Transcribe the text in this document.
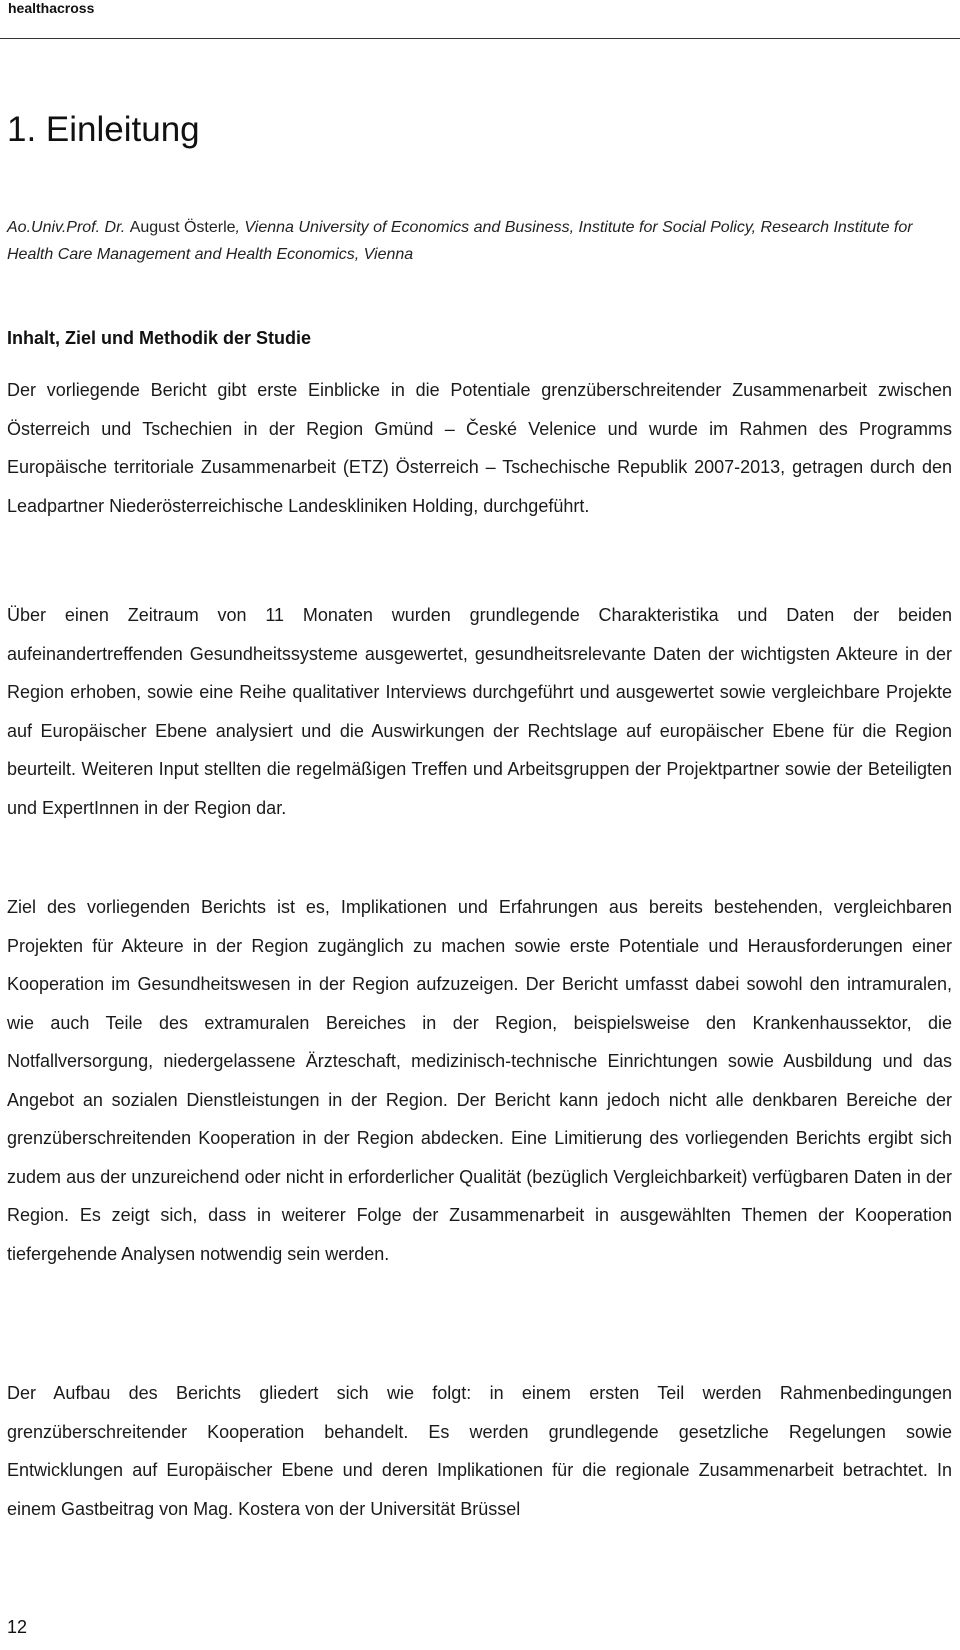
healthacross
1. Einleitung

Ao.Univ.Prof. Dr. August Österle, Vienna University of Economics and Business, Institute for Social Policy, Research Institute for Health Care Management and Health Economics, Vienna

Inhalt, Ziel und Methodik der Studie

Der vorliegende Bericht gibt erste Einblicke in die Potentiale grenzüberschreitender Zusammenarbeit zwischen Österreich und Tschechien in der Region Gmünd – České Velenice und wurde im Rahmen des Programms Europäische territoriale Zusammenarbeit (ETZ) Österreich – Tschechische Republik 2007-2013, getragen durch den Leadpartner Niederösterreichische Landeskliniken Holding, durchgeführt.

Über einen Zeitraum von 11 Monaten wurden grundlegende Charakteristika und Daten der beiden aufeinandertreffenden Gesundheitssysteme ausgewertet, gesundheitsrelevante Daten der wichtigsten Akteure in der Region erhoben, sowie eine Reihe qualitativer Interviews durchgeführt und ausgewertet sowie vergleichbare Projekte auf Europäischer Ebene analysiert und die Auswirkungen der Rechtslage auf europäischer Ebene für die Region beurteilt. Weiteren Input stellten die regelmäßigen Treffen und Arbeitsgruppen der Projektpartner sowie der Beteiligten und ExpertInnen in der Region dar.

Ziel des vorliegenden Berichts ist es, Implikationen und Erfahrungen aus bereits bestehenden, vergleichbaren Projekten für Akteure in der Region zugänglich zu machen sowie erste Potentiale und Herausforderungen einer Kooperation im Gesundheitswesen in der Region aufzuzeigen. Der Bericht umfasst dabei sowohl den intramuralen, wie auch Teile des extramuralen Bereiches in der Region, beispielsweise den Krankenhaussektor, die Notfallversorgung, niedergelassene Ärzteschaft, medizinisch-technische Einrichtungen sowie Ausbildung und das Angebot an sozialen Dienstleistungen in der Region. Der Bericht kann jedoch nicht alle denkbaren Bereiche der grenzüberschreitenden Kooperation in der Region abdecken. Eine Limitierung des vorliegenden Berichts ergibt sich zudem aus der unzureichend oder nicht in erforderlicher Qualität (bezüglich Vergleichbarkeit) verfügbaren Daten in der Region. Es zeigt sich, dass in weiterer Folge der Zusammenarbeit in ausgewählten Themen der Kooperation tiefergehende Analysen notwendig sein werden.

Der Aufbau des Berichts gliedert sich wie folgt: in einem ersten Teil werden Rahmenbedingungen grenzüberschreitender Kooperation behandelt. Es werden grundlegende gesetzliche Regelungen sowie Entwicklungen auf Europäischer Ebene und deren Implikationen für die regionale Zusammenarbeit betrachtet. In einem Gastbeitrag von Mag. Kostera von der Universität Brüssel

12
